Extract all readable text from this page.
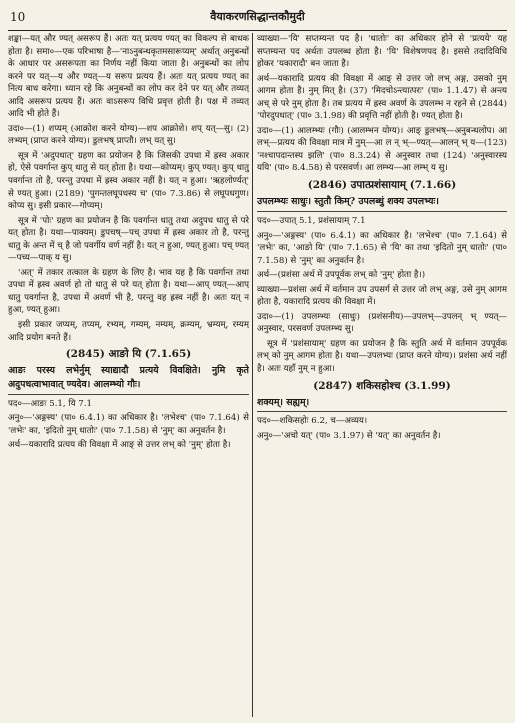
10	वैयाकरणसिद्धान्तकौमुदी

शङ्का—यत् और ण्यत् असरूप हैं। अतः यत् प्रत्यय ण्यत् का विकल्प से बाधक होता है। समा०—एक परिभाषा है—'नाऽनुबन्धकृतमसारूप्यम्' अर्थात् अनुबन्धों के आधार पर असरूपता का निर्णय नहीं किया जाता है। अनुबन्धों का लोप करने पर यत्—य और ण्यत्—य सरूप प्रत्यय हैं। अतः यत् प्रत्यय ण्यत् का नित्य बाध करेगा। ध्यान रहे कि अनुबन्धों का लोप कर देने पर यत् और तव्यत् आदि असरूप प्रत्यय हैं। अतः वाऽसरूप विधि प्रवृत्त होती है। पक्ष में तव्यत् आदि भी होते हैं।

उदा०—(1) शप्यम् (आक्रोश करने योग्य)—शप आक्रोशे। शप् यत्—सु। (2) लभ्यम् (प्राप्त करने योग्य)। डुलभष् प्राप्तौ। लभ् यत् सु।

सूत्र में 'अदुपधात्' ग्रहण का प्रयोजन है कि जिसकी उपधा में ह्रस्व अकार हो, ऐसे पवर्गान्त कुप् धातु से यत् होता है। यथा—कोप्यम्। कुप् ण्यत्। कुप् धातु पवर्गान्त तो है, परन्तु उपधा में ह्रस्व अकार नहीं है। यत् न हुआ। 'ऋहलोर्ण्यत्' से ण्यत् हुआ। (2189) 'पुगन्तलघूपधस्य च' (पा० 7.3.86) से लघूपधगुण। कोप्य सु। इसी प्रकार—गोप्यम्।

सूत्र में 'पोः' ग्रहण का प्रयोजन है कि पवर्गान्त धातु तथा अदुपध धातु से परे यत् होता है। यथा—पाक्यम्। डुपचष्—पच् उपधा में ह्रस्व अकार तो है, परन्तु धातु के अन्त में च् है जो पवर्गीय वर्ण नहीं है। यत् न हुआ, ण्यत् हुआ। पच् ण्यत्—पच्य—पाक् य सु।

'अत्' में तकार तत्काल के ग्रहण के लिए है। भाव यह है कि पवर्गान्त तथा उपधा में ह्रस्व अवर्ण हो तो धातु से परे यत् होता है। यथा—आप् ण्यत्—आप् धातु पवर्गान्त है, उपधा में अवर्ण भी है, परन्तु वह ह्रस्व नहीं है। अतः यत् न हुआ, ण्यत् हुआ।

इसी प्रकार जप्यम्, तप्यम्, रभ्यम्, गम्यम्, नम्यम्, क्रम्यम्, भ्रम्यम्, रम्यम् आदि प्रयोग बनते हैं।

(2845) आङो यि (7.1.65)

आङः परस्य लभेर्नुम् स्याद्यादौ प्रत्यये विवक्षिते। नुमि कृते अदुपधत्वाभावात् ण्यदेव। आलम्भ्यो गौः।

पद०—आङः 5.1, यि 7.1

अनु०—'अङ्गस्य' (पा० 6.4.1) का अधिकार है। 'लभेश्च' (पा० 7.1.64) से 'लभेः' का, 'इदितो नुम् धातोः' (पा० 7.1.58) से 'नुम्' का अनुवर्तन है।

अर्थ—यकारादि प्रत्यय की विवक्षा में आङ् से उत्तर लभ् को 'नुम्' होता है।

व्याख्या—'यि' सप्तम्यन्त पद है। 'धातोः' का अधिकार होने से 'प्रत्यये' यह सप्तम्यन्त पद अर्थतः उपलब्ध होता है। 'यि' विशेषणपद है। इससे तदादिविधि होकर 'यकारादौ' बन जाता है।

अर्थ—यकारादि प्रत्यय की विवक्षा में आङ् से उत्तर जो लभ् अङ्ग, उसको नुम् आगम होता है। नुम् मित् है। (37) 'मिदचोऽन्त्यात्परः' (पा० 1.1.47) से अन्त्य अच् से परे नुम् होता है। तब प्रत्यय में ह्रस्व अवर्ण के उपलम्भ न रहने से (2844) 'पोरदुपधात्' (पा० 3.1.98) की प्रवृत्ति नहीं होती है। ण्यत् होता है।

उदा०—(1) आलम्भ्यः (गौः) (आलम्भन योग्य)। आङ् डुलभष्—अनुबन्धलोप। आ लभ्—प्रत्यय की विवक्षा मात्र में नुम्—आ ल न् भ्—ण्यत्—आलन् भ् य—(123) 'नश्चापदान्तस्य झलि' (पा० 8.3.24) से अनुस्वार तथा (124) 'अनुस्वारस्य ययि' (पा० 8.4.58) से परसवर्ण। आ लम्भ्य—आ लम्भ् य सु।

(2846) उपात्प्रशंसायाम् (7.1.66)

उपलम्भ्यः साधुः। स्तुतौ किम्? उपलब्धुं शक्य उपलभ्यः।

पद०—उपात् 5.1, प्रशंसायाम् 7.1

अनु०—'अङ्गस्य' (पा० 6.4.1) का अधिकार है। 'लभेश्च' (पा० 7.1.64) से 'लभेः' का, 'आङो यि' (पा० 7.1.65) से 'यि' का तथा 'इदितो नुम् धातोः' (पा० 7.1.58) से 'नुम्' का अनुवर्तन है।

अर्थ—(प्रशंसा अर्थ में उपपूर्वक लभ् को 'नुम्' होता है।)

व्याख्या—प्रशंसा अर्थ में वर्तमान उप उपसर्ग से उत्तर जो लभ् अङ्ग, उसे नुम् आगम होता है, यकारादि प्रत्यय की विवक्षा में।

उदा०—(1) उपलम्भ्यः (साधुः) (प्रशंसनीय)—उपलभ्—उपलन् भ् ण्यत्—अनुस्वार, परसवर्ण उपलम्भ्य सु।

सूत्र में 'प्रशंसायाम्' ग्रहण का प्रयोजन है कि स्तुति अर्थ में वर्तमान उपपूर्वक लभ् को नुम् आगम होता है। यथा—उपलभ्यः (प्राप्त करने योग्य)। प्रशंसा अर्थ नहीं है। अतः यहाँ नुम् न हुआ।

(2847) शकिसहोश्च (3.1.99)

शक्यम्। सह्यम्।

पद०—शकिसहोः 6.2, च—अव्यय।

अनु०—'अचो यत्' (पा० 3.1.97) से 'यत्' का अनुवर्तन है।
